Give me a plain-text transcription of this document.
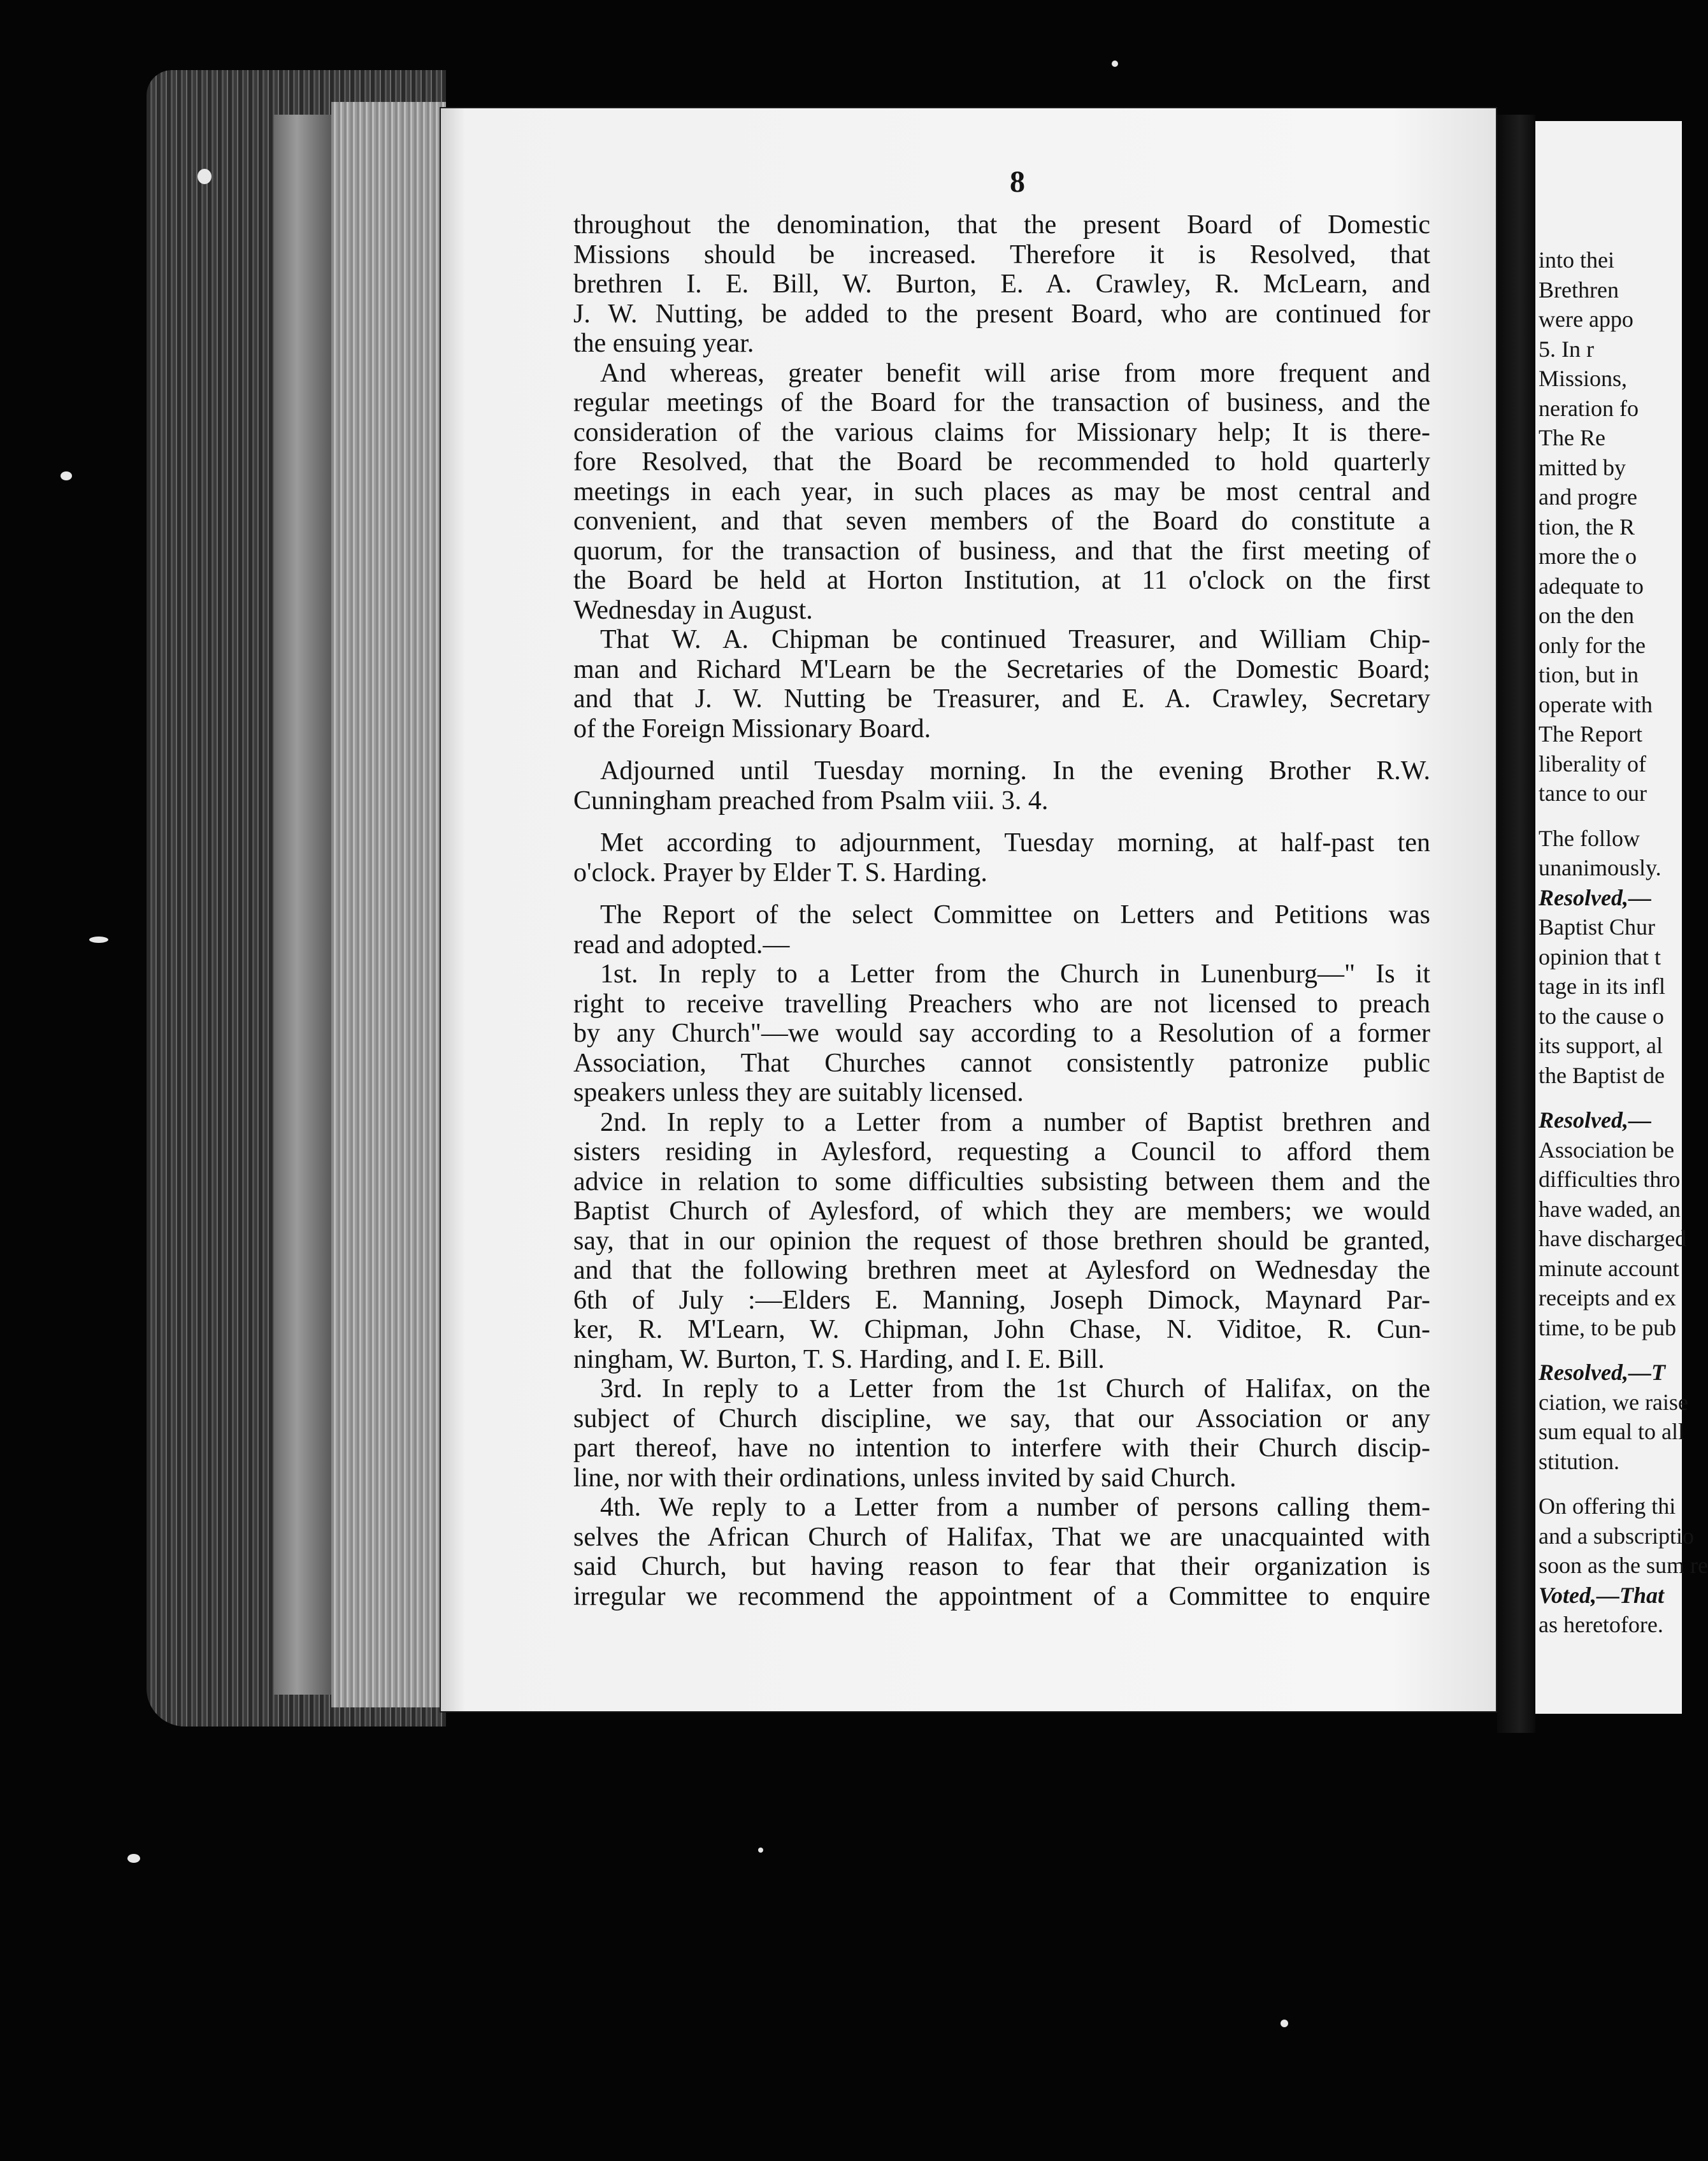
8
throughout the denomination, that the present Board of Domestic
Missions should be increased. Therefore it is Resolved, that
brethren I. E. Bill, W. Burton, E. A. Crawley, R. McLearn, and
J. W. Nutting, be added to the present Board, who are continued for
the ensuing year.
And whereas, greater benefit will arise from more frequent and
regular meetings of the Board for the transaction of business, and the
consideration of the various claims for Missionary help; It is there-
fore Resolved, that the Board be recommended to hold quarterly
meetings in each year, in such places as may be most central and
convenient, and that seven members of the Board do constitute a
quorum, for the transaction of business, and that the first meeting of
the Board be held at Horton Institution, at 11 o'clock on the first
Wednesday in August.
That W. A. Chipman be continued Treasurer, and William Chip-
man and Richard M'Learn be the Secretaries of the Domestic Board;
and that J. W. Nutting be Treasurer, and E. A. Crawley, Secretary
of the Foreign Missionary Board.
Adjourned until Tuesday morning. In the evening Brother R.W.
Cunningham preached from Psalm viii. 3. 4.
Met according to adjournment, Tuesday morning, at half-past ten
o'clock. Prayer by Elder T. S. Harding.
The Report of the select Committee on Letters and Petitions was
read and adopted.—
1st. In reply to a Letter from the Church in Lunenburg—" Is it
right to receive travelling Preachers who are not licensed to preach
by any Church"—we would say according to a Resolution of a former
Association, That Churches cannot consistently patronize public
speakers unless they are suitably licensed.
2nd. In reply to a Letter from a number of Baptist brethren and
sisters residing in Aylesford, requesting a Council to afford them
advice in relation to some difficulties subsisting between them and the
Baptist Church of Aylesford, of which they are members; we would
say, that in our opinion the request of those brethren should be granted,
and that the following brethren meet at Aylesford on Wednesday the
6th of July :—Elders E. Manning, Joseph Dimock, Maynard Par-
ker, R. M'Learn, W. Chipman, John Chase, N. Viditoe, R. Cun-
ningham, W. Burton, T. S. Harding, and I. E. Bill.
3rd. In reply to a Letter from the 1st Church of Halifax, on the
subject of Church discipline, we say, that our Association or any
part thereof, have no intention to interfere with their Church discip-
line, nor with their ordinations, unless invited by said Church.
4th. We reply to a Letter from a number of persons calling them-
selves the African Church of Halifax, That we are unacquainted with
said Church, but having reason to fear that their organization is
irregular we recommend the appointment of a Committee to enquire
into thei
Brethren
were appo
5. In r
Missions,
neration fo
The Re
mitted by
and progre
tion, the R
more the o
adequate to
on the den
only for the
tion, but in
operate with
The Report
liberality of
tance to our
The follow
unanimously.
Resolved,—
Baptist Chur
opinion that t
tage in its infl
to the cause o
its support, al
the Baptist de
Resolved,—
Association be
difficulties thro
have waded, an
have discharged
minute account
receipts and ex
time, to be pub
Resolved,—T
ciation, we raise
sum equal to all
stitution.
On offering thi
and a subscriptio
soon as the sum re
Voted,—That
as heretofore.
